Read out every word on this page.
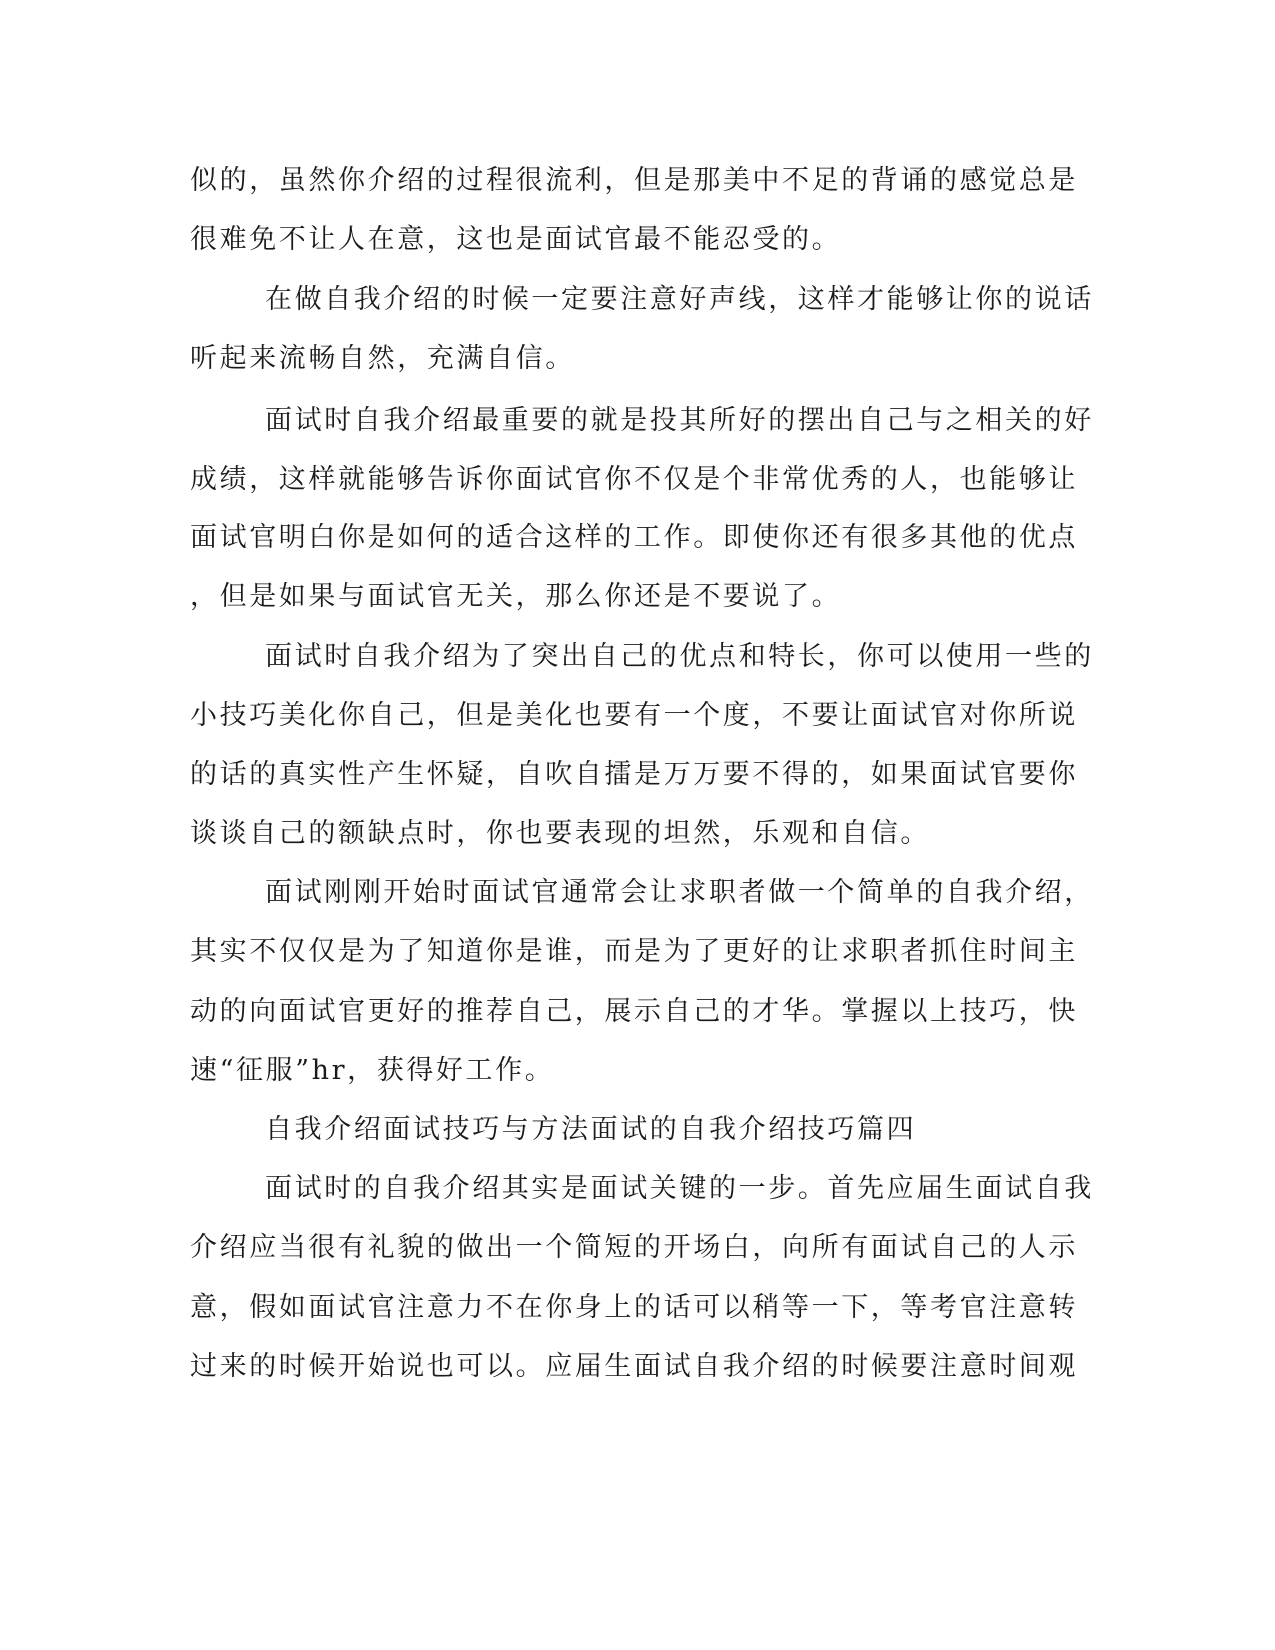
似的，虽然你介绍的过程很流利，但是那美中不足的背诵的感觉总是
很难免不让人在意，这也是面试官最不能忍受的。
在做自我介绍的时候一定要注意好声线，这样才能够让你的说话
听起来流畅自然，充满自信。
面试时自我介绍最重要的就是投其所好的摆出自己与之相关的好
成绩，这样就能够告诉你面试官你不仅是个非常优秀的人，也能够让
面试官明白你是如何的适合这样的工作。即使你还有很多其他的优点
，但是如果与面试官无关，那么你还是不要说了。
面试时自我介绍为了突出自己的优点和特长，你可以使用一些的
小技巧美化你自己，但是美化也要有一个度，不要让面试官对你所说
的话的真实性产生怀疑，自吹自擂是万万要不得的，如果面试官要你
谈谈自己的额缺点时，你也要表现的坦然，乐观和自信。
面试刚刚开始时面试官通常会让求职者做一个简单的自我介绍，
其实不仅仅是为了知道你是谁，而是为了更好的让求职者抓住时间主
动的向面试官更好的推荐自己，展示自己的才华。掌握以上技巧，快
速“征服”hr，获得好工作。
自我介绍面试技巧与方法面试的自我介绍技巧篇四
面试时的自我介绍其实是面试关键的一步。首先应届生面试自我
介绍应当很有礼貌的做出一个简短的开场白，向所有面试自己的人示
意，假如面试官注意力不在你身上的话可以稍等一下，等考官注意转
过来的时候开始说也可以。应届生面试自我介绍的时候要注意时间观
